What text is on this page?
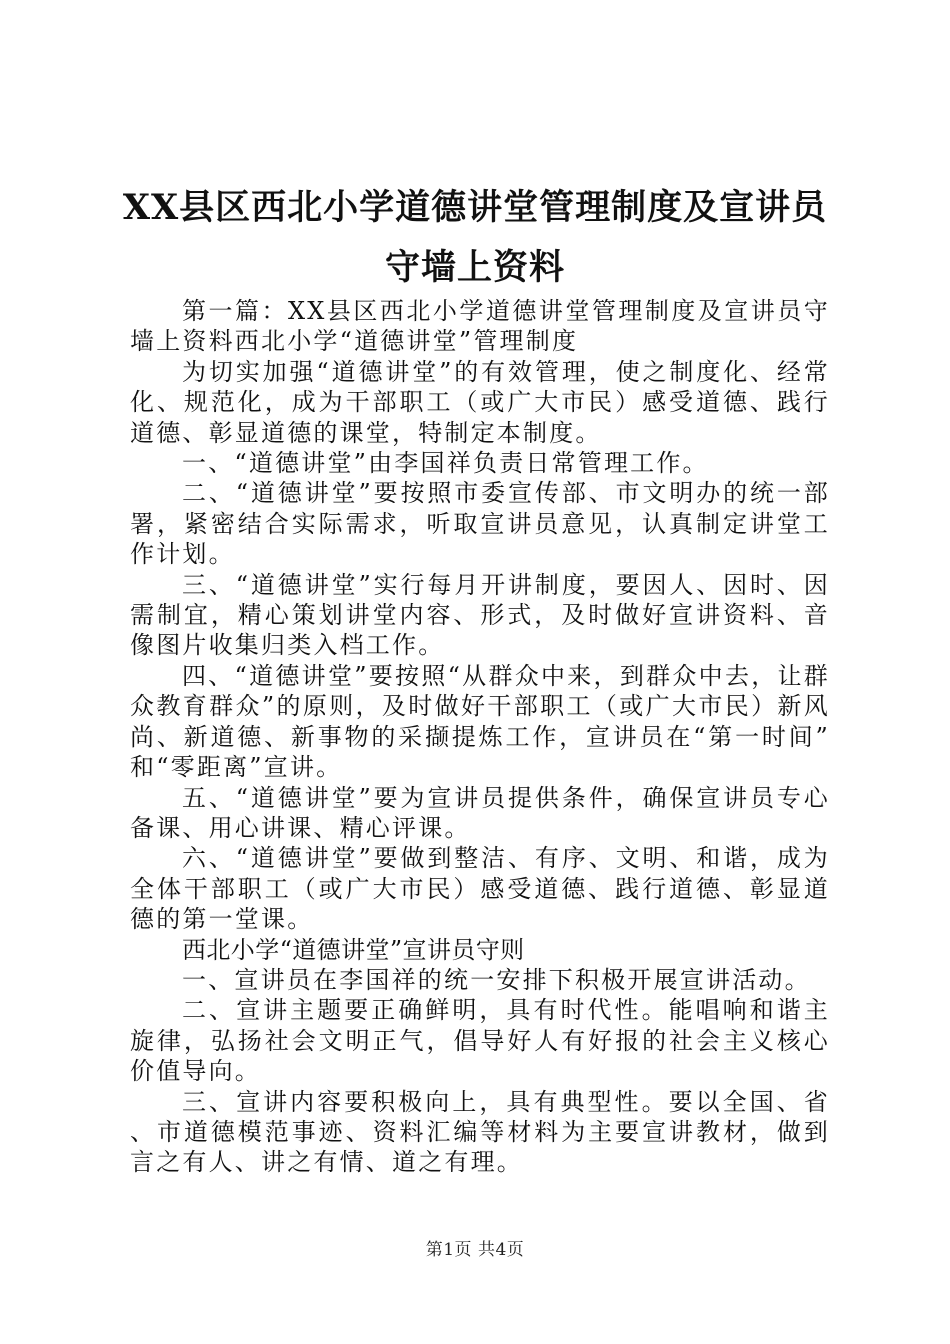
XX县区西北小学道德讲堂管理制度及宣讲员
守墙上资料

第一篇：XX县区西北小学道德讲堂管理制度及宣讲员守墙上资料西北小学“道德讲堂”管理制度

为切实加强“道德讲堂”的有效管理，使之制度化、经常化、规范化，成为干部职工（或广大市民）感受道德、践行道德、彰显道德的课堂，特制定本制度。

一、“道德讲堂”由李国祥负责日常管理工作。

二、“道德讲堂”要按照市委宣传部、市文明办的统一部署，紧密结合实际需求，听取宣讲员意见，认真制定讲堂工作计划。

三、“道德讲堂”实行每月开讲制度，要因人、因时、因需制宜，精心策划讲堂内容、形式，及时做好宣讲资料、音像图片收集归类入档工作。

四、“道德讲堂”要按照“从群众中来，到群众中去，让群众教育群众”的原则，及时做好干部职工（或广大市民）新风尚、新道德、新事物的采撷提炼工作，宣讲员在“第一时间”和“零距离”宣讲。

五、“道德讲堂”要为宣讲员提供条件，确保宣讲员专心备课、用心讲课、精心评课。

六、“道德讲堂”要做到整洁、有序、文明、和谐，成为全体干部职工（或广大市民）感受道德、践行道德、彰显道德的第一堂课。

西北小学“道德讲堂”宣讲员守则

一、宣讲员在李国祥的统一安排下积极开展宣讲活动。

二、宣讲主题要正确鲜明，具有时代性。能唱响和谐主旋律，弘扬社会文明正气，倡导好人有好报的社会主义核心价值导向。

三、宣讲内容要积极向上，具有典型性。要以全国、省、市道德模范事迹、资料汇编等材料为主要宣讲教材，做到言之有人、讲之有情、道之有理。

第1页 共4页
